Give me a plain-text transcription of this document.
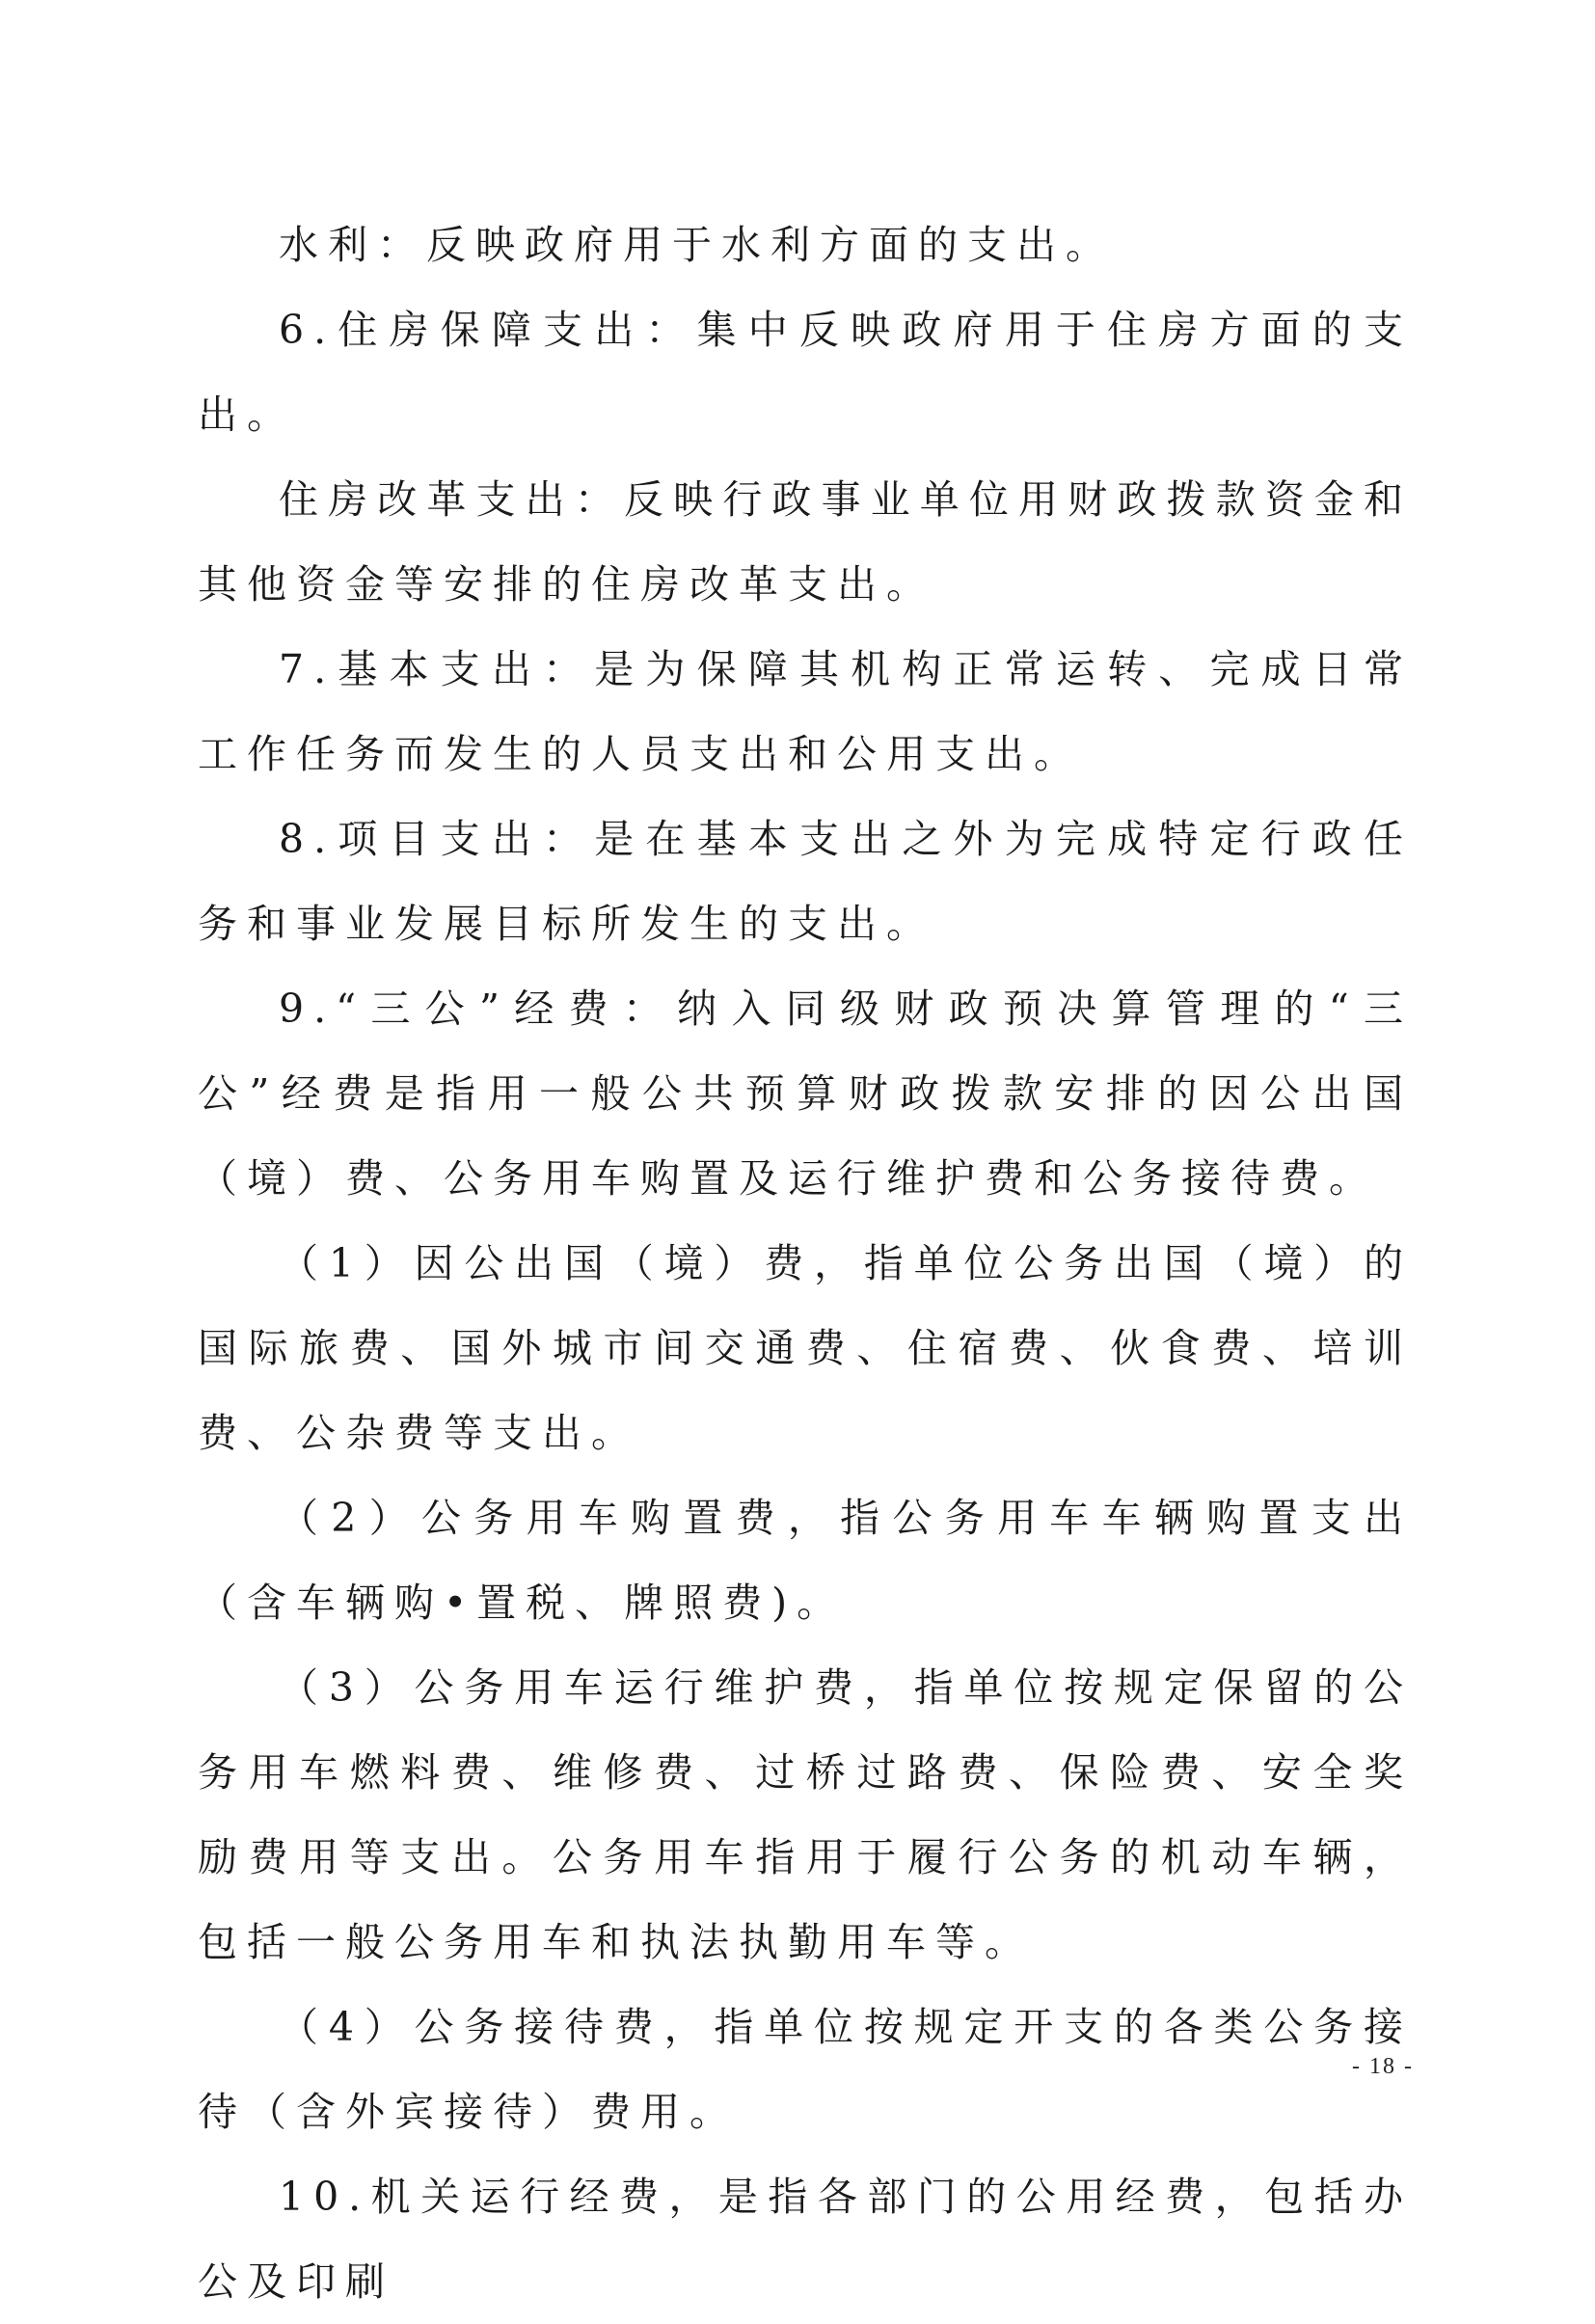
水利：反映政府用于水利方面的支出。

6.住房保障支出：集中反映政府用于住房方面的支出。

住房改革支出：反映行政事业单位用财政拨款资金和其他资金等安排的住房改革支出。

7.基本支出：是为保障其机构正常运转、完成日常工作任务而发生的人员支出和公用支出。

8.项目支出：是在基本支出之外为完成特定行政任务和事业发展目标所发生的支出。

9.“三公”经费：纳入同级财政预决算管理的“三公”经费是指用一般公共预算财政拨款安排的因公出国（境）费、公务用车购置及运行维护费和公务接待费。

（1）因公出国（境）费，指单位公务出国（境）的国际旅费、国外城市间交通费、住宿费、伙食费、培训费、公杂费等支出。

（2）公务用车购置费，指公务用车车辆购置支出（含车辆购•置税、牌照费)。

（3）公务用车运行维护费，指单位按规定保留的公务用车燃料费、维修费、过桥过路费、保险费、安全奖励费用等支出。公务用车指用于履行公务的机动车辆，包括一般公务用车和执法执勤用车等。

（4）公务接待费，指单位按规定开支的各类公务接待（含外宾接待）费用。

10.机关运行经费，是指各部门的公用经费，包括办公及印刷

- 18 -
